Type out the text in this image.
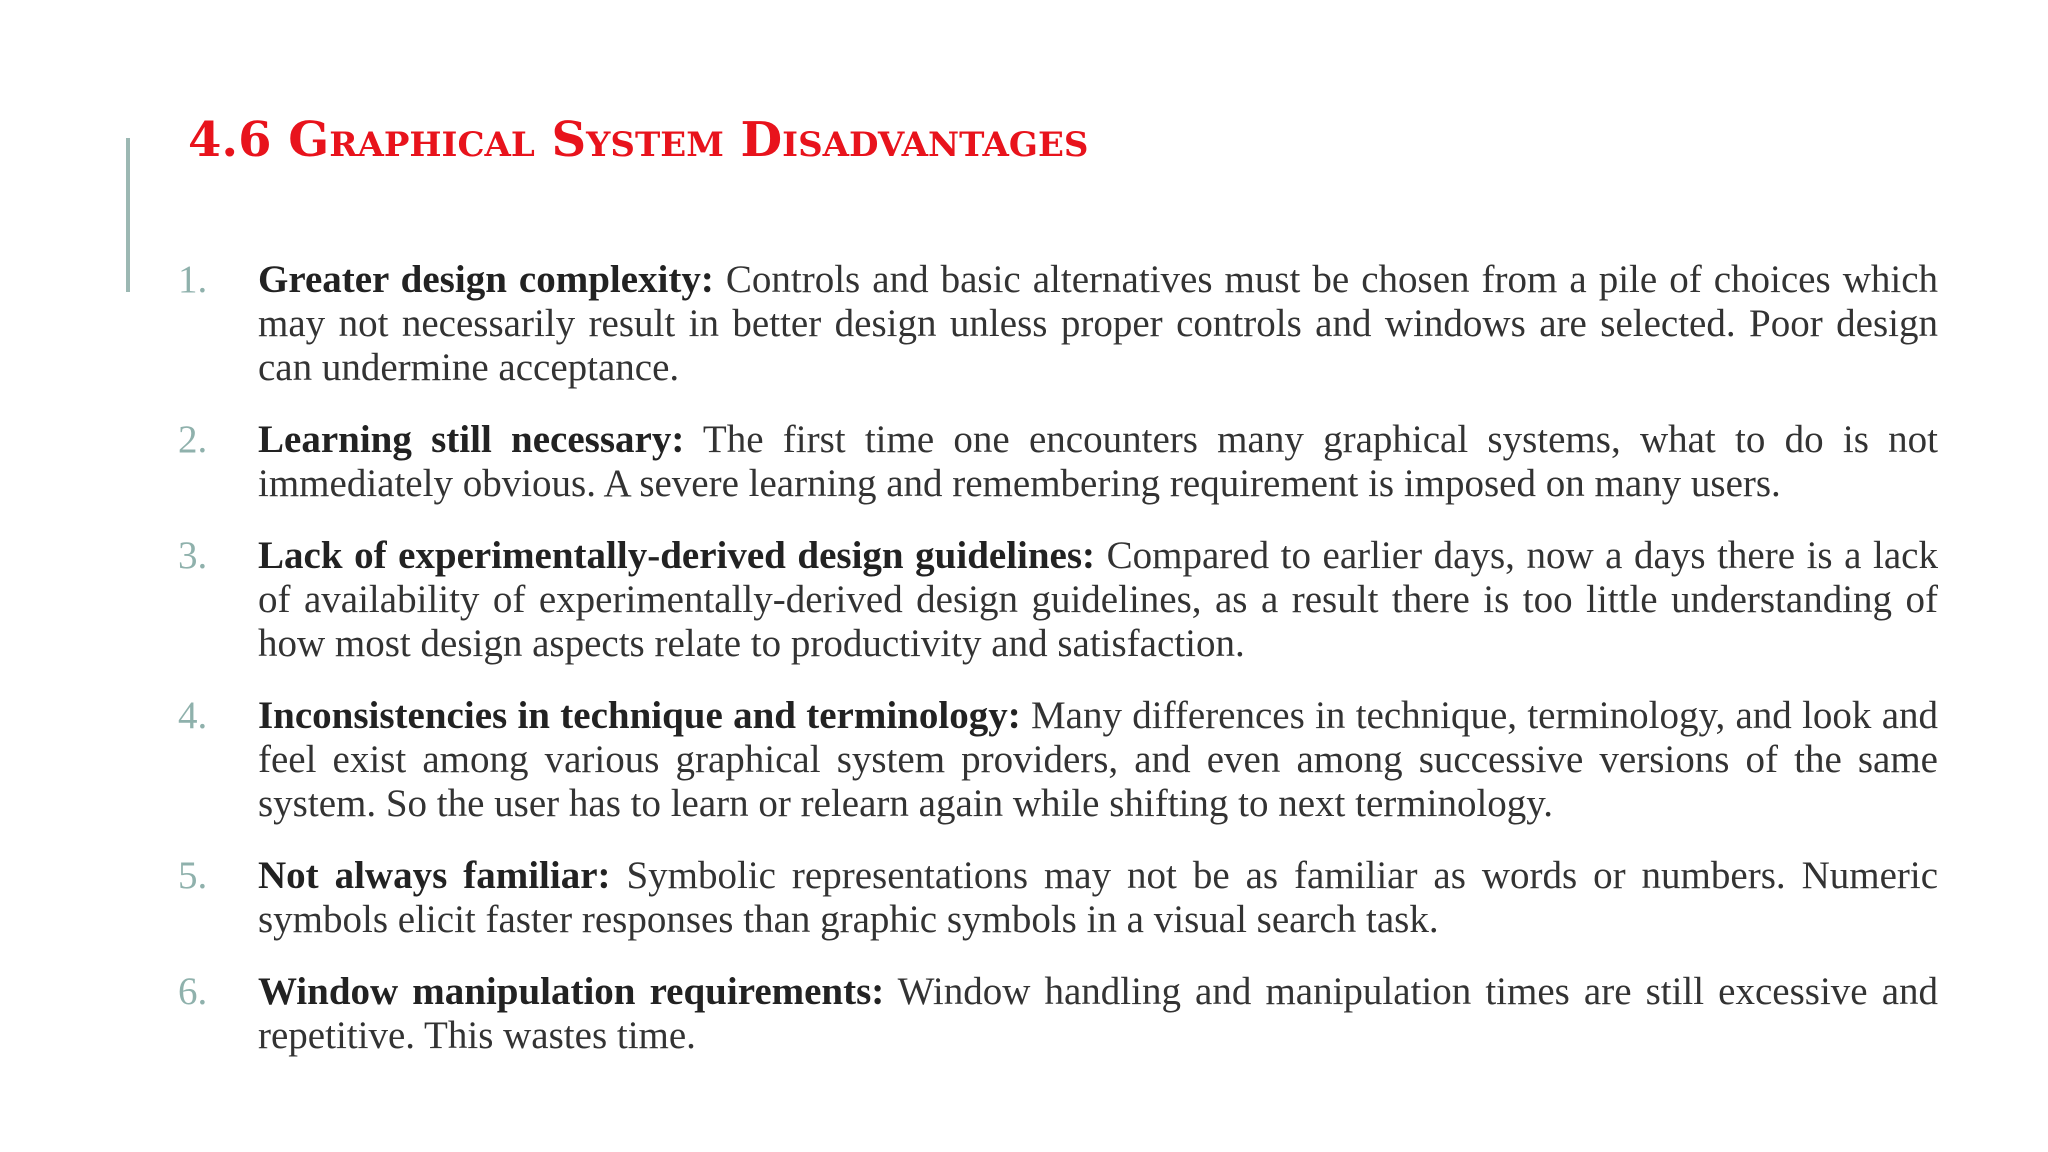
4.6 Graphical System Disadvantages
1. Greater design complexity: Controls and basic alternatives must be chosen from a pile of choices which may not necessarily result in better design unless proper controls and windows are selected. Poor design can undermine acceptance.
2. Learning still necessary: The first time one encounters many graphical systems, what to do is not immediately obvious. A severe learning and remembering requirement is imposed on many users.
3. Lack of experimentally-derived design guidelines: Compared to earlier days, now a days there is a lack of availability of experimentally-derived design guidelines, as a result there is too little understanding of how most design aspects relate to productivity and satisfaction.
4. Inconsistencies in technique and terminology: Many differences in technique, terminology, and look and feel exist among various graphical system providers, and even among successive versions of the same system. So the user has to learn or relearn again while shifting to next terminology.
5. Not always familiar: Symbolic representations may not be as familiar as words or numbers. Numeric symbols elicit faster responses than graphic symbols in a visual search task.
6. Window manipulation requirements: Window handling and manipulation times are still excessive and repetitive. This wastes time.
